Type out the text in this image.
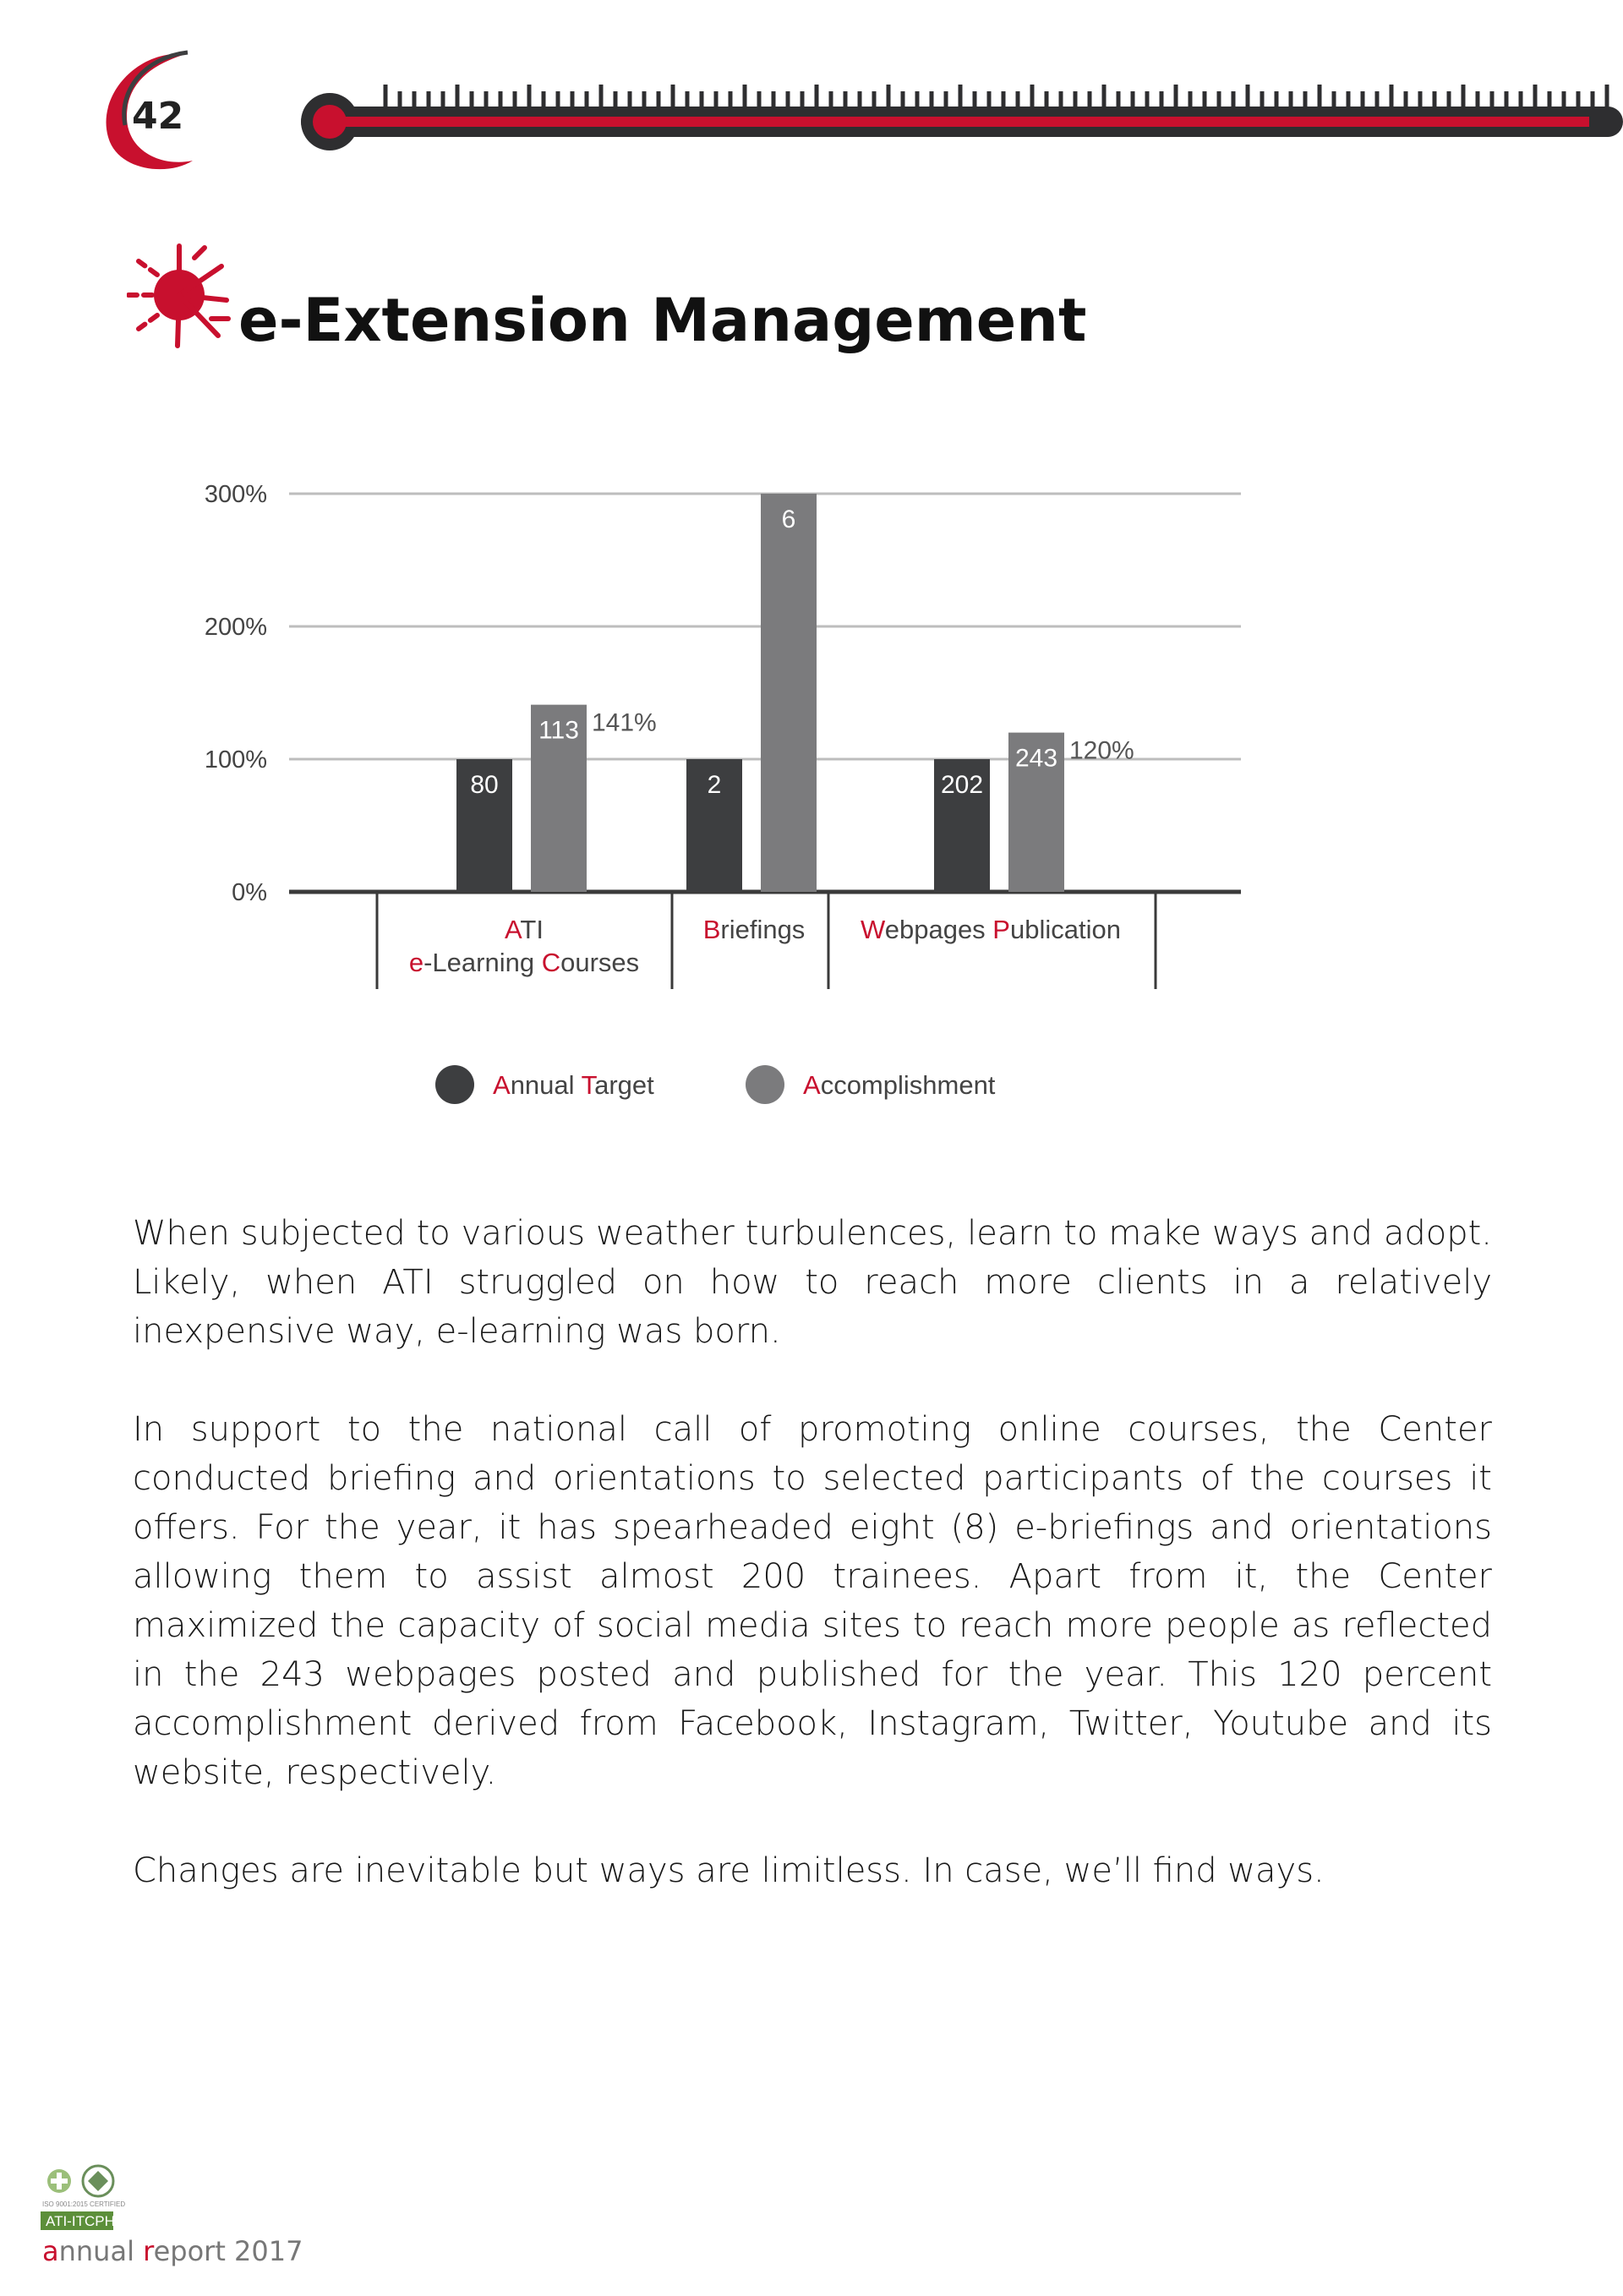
42
e-Extension Management
0%
100%
200%
300%
80	2	202
113 141%
6
243 120%
ATI
e-Learning Courses
Briefings Webpages Publication
Annual Target	Accomplishment

When subjected to various weather turbulences, learn to make ways and adopt. Likely, when ATI struggled on how to reach more clients in a relatively inexpensive way, e-learning was born.

In support to the national call of promoting online courses, the Center conducted briefing and orientations to selected participants of the courses it offers. For the year, it has spearheaded eight (8) e-briefings and orientations allowing them to assist almost 200 trainees. Apart from it, the Center maximized the capacity of social media sites to reach more people as reflected in the 243 webpages posted and published for the year. This 120 percent accomplishment derived from Facebook, Instagram, Twitter, Youtube and its website, respectively.

Changes are inevitable but ways are limitless. In case, we’ll find ways.

ISO 9001:2015 CERTIFIED
ATI-ITCPH
annual report 2017
